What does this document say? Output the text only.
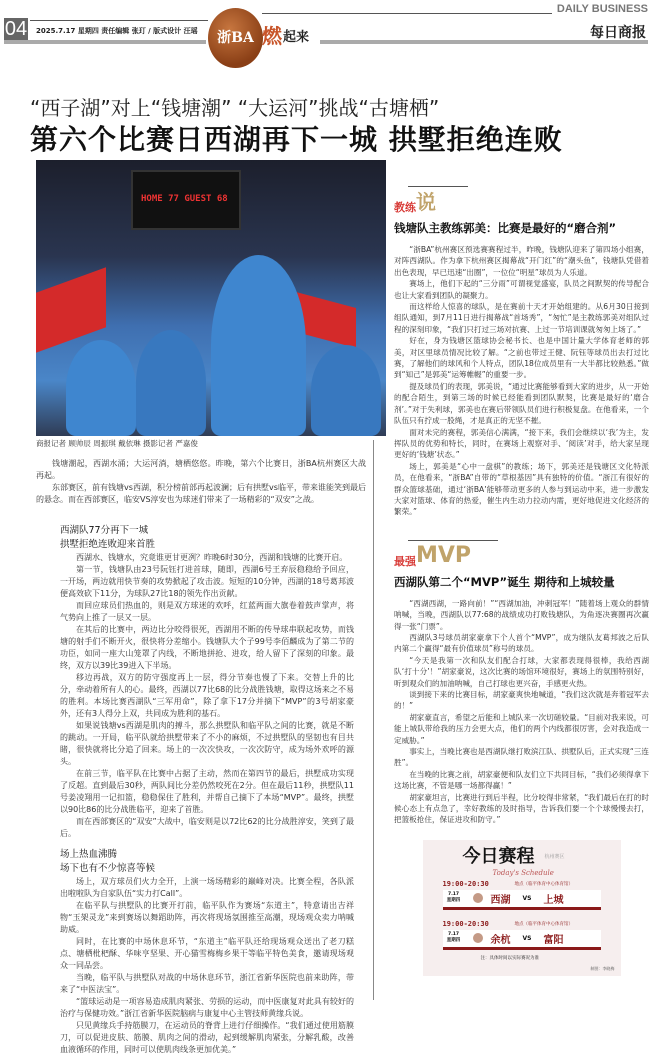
04 2025.7.17 星期四 责任编辑 张玎 / 版式设计 汪瑶	浙BA 燃 起来
DAILY BUSINESS
每日商报
“西子湖”对上“钱塘潮” “大运河”挑战“古塘栖”
第六个比赛日西湖再下一城 拱墅拒绝连败
HOME 77 GUEST 68
商报记者 顾帅辰 周振琪 戴依琳 摄影记者 严嘉俊

钱塘潮起，西湖水涌；大运河淌，塘栖悠悠。昨晚，第六个比赛日，浙BA杭州赛区大战再起。

东部赛区，前有钱塘vs西湖，积分榜前部再起波澜；后有拱墅vs临平，带来谁能笑到最后的悬念。而在西部赛区，临安VS淳安也为球迷们带来了一场精彩的“双安”之战。

西湖队77分再下一城
拱墅拒绝连败迎来首胜

西湖水、钱塘水，究竟谁更甘更冽？昨晚6时30分，西湖和钱塘的比赛开启。

第一节，钱塘队由23号阮钰打进首球，随即，西湖6号王弃辰稳稳给予回应，一开场，两边就用快节奏的攻势掀起了攻击波。短短的10分钟，西湖的18号葛邦波便高效砍下11分，为球队27比18的领先作出贡献。

而回应球员们热血的，则是双方球迷的欢呼，红蓝两面大旗卷着鼓声掌声，将气势向上推了一层又一层。

在其后的比赛中，两边比分咬得很死，西湖用不断的传导球串联起攻势，而钱塘的射手们不断开火，很快将分差缩小。钱塘队大个子99号李佰麟成为了第二节的功臣，如同一座大山笼罩了内线，不断地拼抢、进攻，给人留下了深刻的印象。最终，双方以39比39进入下半场。

移边再战，双方的防守强度再上一层，得分节奏也慢了下来。交替上升的比分，牵动着所有人的心。最终，西湖以77比68的比分战胜钱塘，取得这场来之不易的胜利。本场比赛西湖队“三军用命”，除了拿下17分并摘下“MVP”的3号胡家豪外，还有3人得分上双，共同成为胜利的基石。

如果说钱塘vs西湖是肌肉的搏斗，那么拱墅队和临平队之间的比赛，就是不断的跳动。一开局，临平队就给拱墅带来了不小的麻烦，不过拱墅队的坚韧也有目共睹，很快就将比分追了回来。场上的一次次快攻，一次次防守，成为场外欢呼的源头。

在前三节，临平队在比赛中占据了主动，然而在第四节的最后，拱墅成功实现了反超。直到最后30秒，两队间比分差仍然咬死在2分。但在最后11秒，拱墅队11号姜凌翔用一记扣篮，稳稳保住了胜利，并帮自己摘下了本场“MVP”。最终，拱墅以90比86的比分战胜临平，迎来了首胜。

而在西部赛区的“双安”大战中，临安则是以72比62的比分战胜淳安，笑到了最后。

场上热血沸腾
场下也有不少惊喜等候

场上，双方球员们火力全开，上演一场场精彩的巅峰对决。比赛全程，各队派出啦啦队为自家队伍“实力打Call”。

在临平队与拱墅队的比赛开打前，临平队作为赛场“东道主”，特意请出吉祥物“玉架灵龙”来到赛场以舞蹈助阵，再次将现场氛围推至高潮，现场观众卖力呐喊助威。

同时，在比赛的中场休息环节，“东道主”临平队还给现场观众送出了老刀糕点、塘栖枇杷酥、华味亨坚果、开心猫雪梅梅乡果干等临平特色美食，邀请现场观众一同品尝。

当晚，临平队与拱墅队对战的中场休息环节，浙江省新华医院也前来助阵，带来了“中医法宝”。

“篮球运动是一项容易造成肌肉紧张、劳损的运动，而中医康复对此具有较好的治疗与保健功效。”浙江省新华医院脑病与康复中心主管技师黄缘兵说。

只见黄缘兵手持筋膜刀，在运动员的脊背上进行仔细操作。“我们通过使用筋膜刀，可以促进皮肤、筋膜、肌肉之间的滑动，起到缓解肌肉紧张，分解乳酸，改善血液循环的作用，同时可以使肌肉线条更加优美。”

教练 说
钱塘队主教练郭美：比赛是最好的“磨合剂”

“浙BA”杭州赛区预选赛赛程过半，昨晚，钱塘队迎来了第四场小组赛，对阵西湖队。作为拿下杭州赛区揭幕战“开门红”的“潮头鱼”，钱塘队凭借着出色表现，早已迅速“出圈”，一位位“明星”球员为人乐道。

赛场上，他们下起的“三分雨”可谓视觉盛宴，队员之间默契的传导配合也让大家看到团队的凝聚力。

而这样给人惊喜的球队，是在赛前十天才开始组建的。从6月30日接到组队通知，到7月11日进行揭幕战“首场秀”，“匆忙”是主教练郭美对组队过程的深刻印象，“我们只打过三场对抗赛、上过一节培训课就匆匆上场了。”

好在，身为钱塘区篮球协会秘书长、也是中国计量大学体育老师的郭美，对区里球员情况比较了解。“之前也带过王健、阮钰等球员出去打过比赛，了解他们的球风和个人特点，团队18位成员里有一大半都比较熟悉。”做到“知己”是郭美“运筹帷幄”的重要一步。

提及球员们的表现，郭美说，“通过比赛能够看到大家的进步，从一开始的配合陌生，到第三场的时候已经能看到团队默契，比赛是最好的‘磨合剂’。”对于失利球，郭美也在赛后带领队员们进行积极复盘。在他看来，一个队伍只有拧成一股绳，才是真正的无坚不摧。

面对未完的赛程，郭美信心满满，“接下来，我们会继续以‘我’为主，发挥队员的优势和特长，同时，在赛场上观察对手、‘阅读’对手，给大家呈现更好的‘钱塘’状态。”

场上，郭美是“心中一盘棋”的教练；场下，郭美还是钱塘区文化特派员，在他看来，“浙BA”自带的“草根基因”具有独特的价值。“浙江有很好的群众篮球基础，通过‘浙BA’能够带动更多的人参与到运动中来，进一步激发大家对篮球、体育的热爱，催生内生动力拉动内需，更好地促进文化经济的繁荣。”

最强 MVP
西湖队第二个“MVP”诞生 期待和上城较量

“西湖西湖，一路向前！”“西湖加油，冲刺冠军！”随着场上观众的群情呐喊，当晚，西湖队以77:68的战绩成功打败钱塘队，为角逐决赛圈再次赢得一张“门票”。

西湖队3号球员胡家豪拿下个人首个“MVP”，成为继队友葛邦波之后队内第二个赢得“最有价值球员”称号的球员。

“今天是我第一次和队友们配合打球，大家都表现得很棒，我给西湖队‘打十分’！”胡家豪说，这次比赛的场馆环境很好，赛场上的氛围特别好，听到观众们的加油呐喊，自己打球也更兴奋，手感更火热。

谈到接下来的比赛目标，胡家豪爽快地喊道，“我们这次就是奔着冠军去的！”

胡家豪直言，希望之后能和上城队来一次切磋较量。“目前对我来说，可能上城队带给我的压力会更大点，他们的两个内线都很厉害，会对我造成一定威胁。”

事实上，当晚比赛也是西湖队继打败滨江队、拱墅队后，正式实现“三连胜”。

在当晚的比赛之前，胡家豪便和队友们立下共同目标，“我们必须得拿下这场比赛，不管是哪一场都得赢！”

胡家豪坦言，比赛进行到后半程，比分咬得非常紧，“我们最后在打的时候心态上有点急了，幸好教练的及时指导，告诉我们要一个个球慢慢去打，把篮板抢住，保证进攻和防守。”

今日赛程 杭州赛区
Today's Schedule
19:00-20:30	地点（临平体育中心体育馆）
7.17
星期四	西湖 VS 上城
19:00-20:30	地点（临平体育中心体育馆）
7.17
星期四	余杭 VS 富阳
注：具体时间以实际赛况为准
制图：李晓梅
